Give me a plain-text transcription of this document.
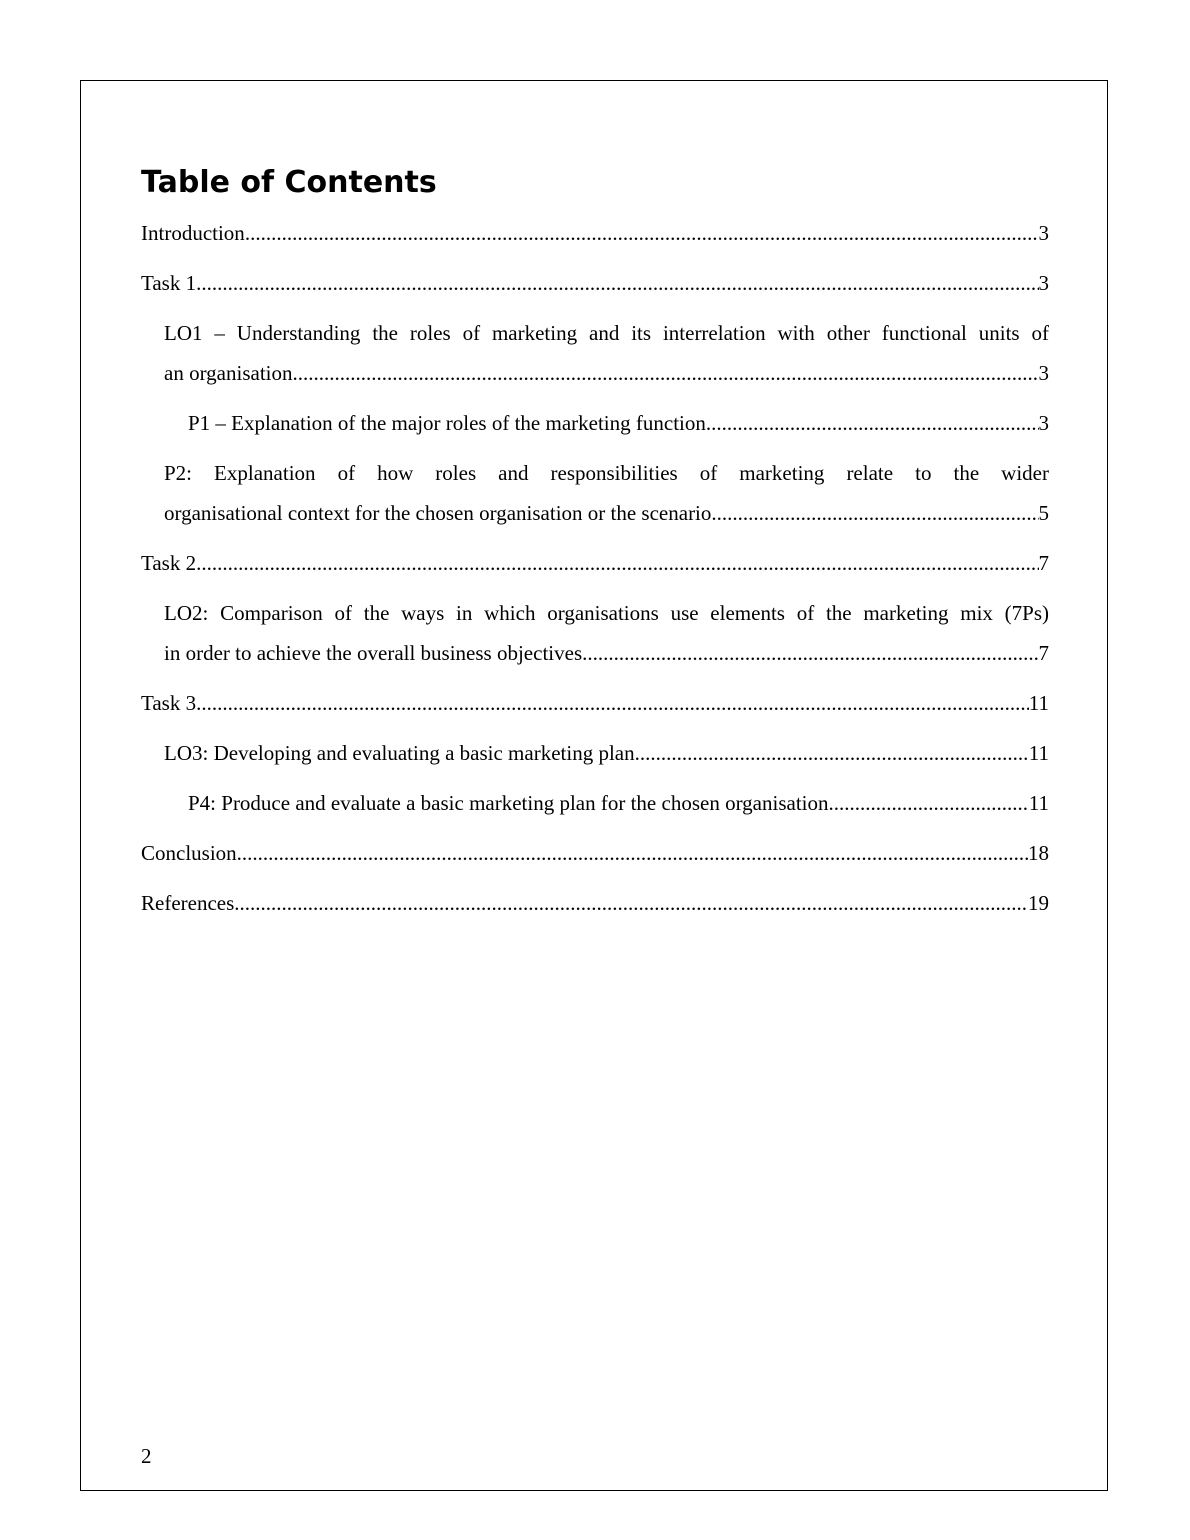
Table of Contents
Introduction .....	3
Task 1 .....	3
LO1 – Understanding the roles of marketing and its interrelation with other functional units of
an organisation .....	3
P1 – Explanation of the major roles of the marketing function .....	3
P2: Explanation of how roles and responsibilities of marketing relate to the wider
organisational context for the chosen organisation or the scenario .....	5
Task 2 .....	7
LO2: Comparison of the ways in which organisations use elements of the marketing mix (7Ps)
in order to achieve the overall business objectives .....	7
Task 3 .....	11
LO3: Developing and evaluating a basic marketing plan .....	11
P4: Produce and evaluate a basic marketing plan for the chosen organisation .....	11
Conclusion .....	18
References .....	19
2
